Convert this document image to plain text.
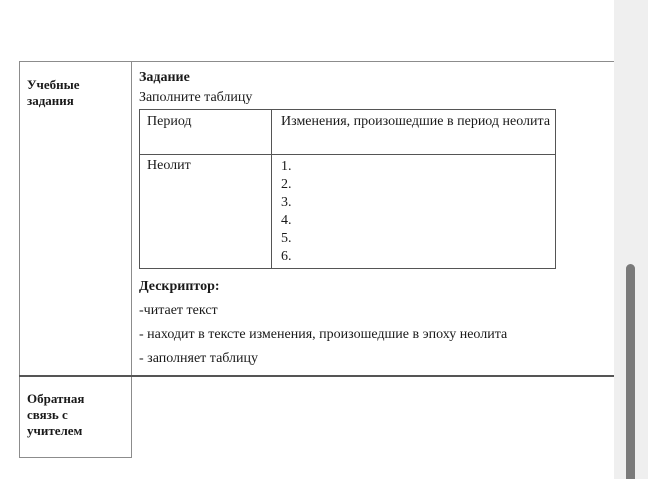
Учебные
задания
Обратная
связь с
учителем
Задание
Заполните таблицу
Период	Изменения, произошедшие в период неолита
Неолит	1.
2.
3.
4.
5.
6.
Дескриптор:
-читает текст
- находит в тексте изменения, произошедшие в эпоху неолита
- заполняет таблицу
